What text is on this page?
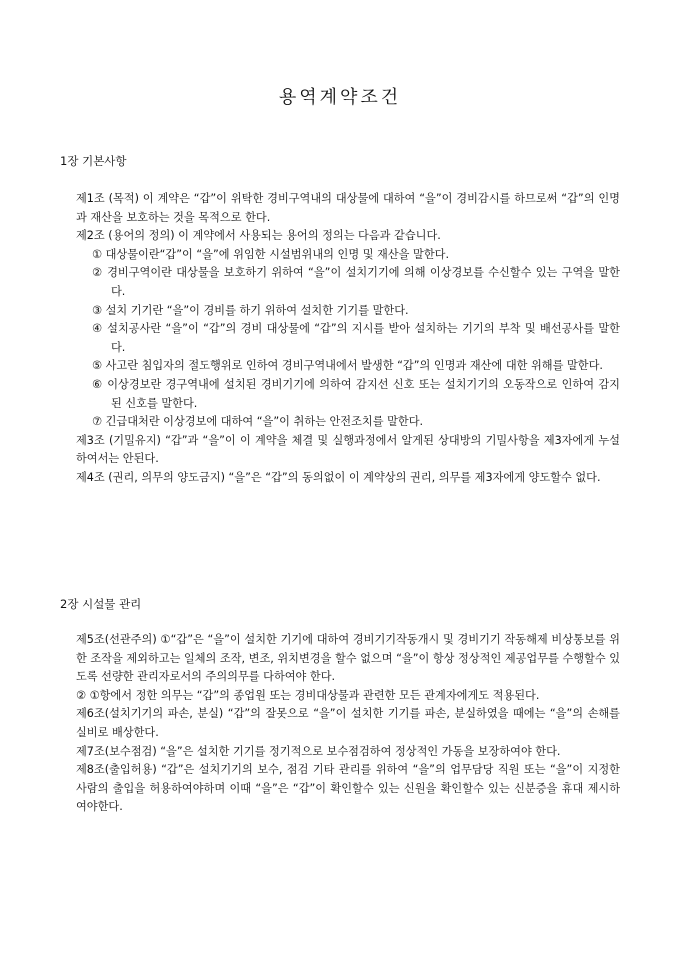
용역계약조건
1장 기본사항

제1조 (목적) 이 계약은 “갑”이 위탁한 경비구역내의 대상물에 대하여 “을”이 경비감시를 하므로써 “갑”의 인명과 재산을 보호하는 것을 목적으로 한다.

제2조 (용어의 정의) 이 계약에서 사용되는 용어의 정의는 다음과 같습니다.

① 대상물이란“갑”이 “을”에 위임한 시설범위내의 인명 및 재산을 말한다.

② 경비구역이란 대상물을 보호하기 위하여 “을”이 설치기기에 의해 이상경보를 수신할수 있는 구역을 말한다.

③ 설치 기기란 “을”이 경비를 하기 위하여 설치한 기기를 말한다.

④ 설치공사란 “을”이 “갑”의 경비 대상물에 “갑”의 지시를 받아 설치하는 기기의 부착 및 배선공사를 말한다.

⑤ 사고란 침입자의 절도행위로 인하여 경비구역내에서 발생한 “갑”의 인명과 재산에 대한 위해를 말한다.

⑥ 이상경보란 경구역내에 설치된 경비기기에 의하여 감지선 신호 또는 설치기기의 오동작으로 인하여 감지된 신호를 말한다.

⑦ 긴급대처란 이상경보에 대하여 “을”이 취하는 안전조치를 말한다.

제3조 (기밀유지) “갑”과 “을”이 이 계약을 체결 및 실행과정에서 알게된 상대방의 기밀사항을 제3자에게 누설하여서는 안된다.

제4조 (권리, 의무의 양도금지) “을”은 “갑”의 동의없이 이 계약상의 권리, 의무를 제3자에게 양도할수 없다.

2장 시설물 관리

제5조(선관주의) ①“갑”은 “을”이 설치한 기기에 대하여 경비기기작동개시 및 경비기기 작동해제 비상통보를 위한 조작을 제외하고는 일체의 조작, 변조, 위치변경을 할수 없으며 “을”이 항상 정상적인 제공업무를 수행할수 있도록 선량한 관리자로서의 주의의무를 다하여야 한다.

② ①항에서 정한 의무는 “갑”의 종업원 또는 경비대상물과 관련한 모든 관계자에게도 적용된다.

제6조(설치기기의 파손, 분실) “갑”의 잘못으로 “을”이 설치한 기기를 파손, 분실하였을 때에는 “을”의 손해를 실비로 배상한다.

제7조(보수점검) “을”은 설치한 기기를 정기적으로 보수점검하여 정상적인 가동을 보장하여야 한다.

제8조(출입허용) “갑”은 설치기기의 보수, 점검 기타 관리를 위하여 “을”의 업무담당 직원 또는 “을”이 지정한 사람의 출입을 허용하여야하며 이때 “을”은 “갑”이 확인할수 있는 신원을 확인할수 있는 신분증을 휴대 제시하여야한다.
